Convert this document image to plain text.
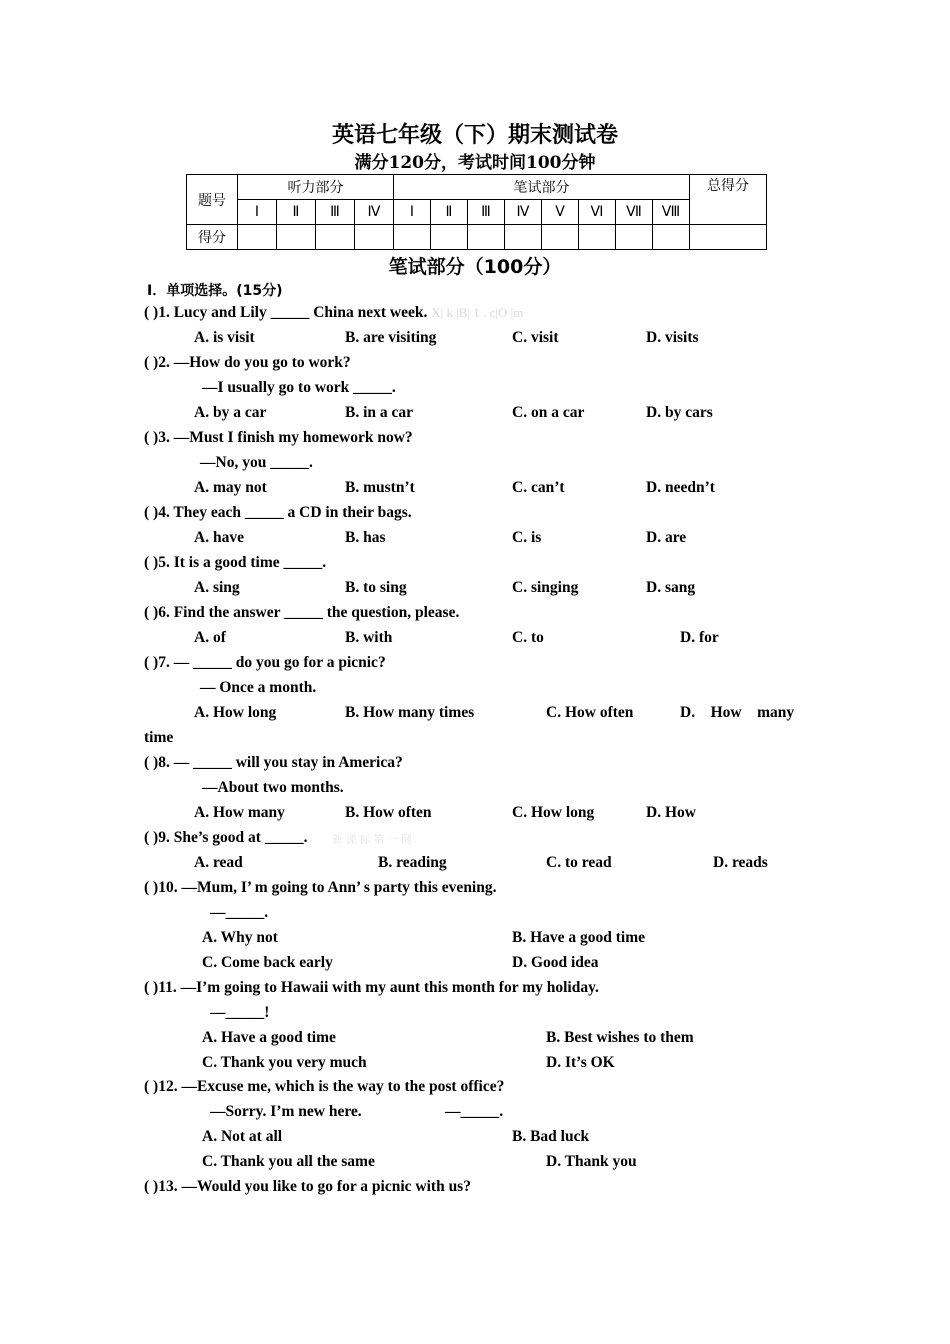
英语七年级（下）期末测试卷
满分120分，考试时间100分钟
题号	听力部分				笔试部分								总得分
	Ⅰ	Ⅱ	Ⅲ	Ⅳ	Ⅰ	Ⅱ	Ⅲ	Ⅳ	Ⅴ	Ⅵ	Ⅶ	Ⅷ	
得分													
笔试部分（100分）
Ⅰ．单项选择。(15分)
( )1. Lucy and Lily _____ China next week. X| k |B| 1 . c|O |m
A. is visit	B. are visiting	C. visit	D. visits
( )2. —How do you go to work?
—I usually go to work _____.
A. by a car	B. in a car	C. on a car	D. by cars
( )3. —Must I finish my homework now?
—No, you _____.
A. may not	B. mustn’t	C. can’t	D. needn’t
( )4. They each _____ a CD in their bags.
A. have	B. has	C. is	D. are
( )5. It is a good time _____.
A. sing	B. to sing	C. singing	D. sang
( )6. Find the answer _____ the question, please.
A. of	B. with	C. to	D. for
( )7. — _____ do you go for a picnic?
— Once a month.
A. How long	B. How many times	C. How often	D.    How    many
time
( )8. — _____ will you stay in America?
—About two months.
A. How many	B. How often	C. How long	D. How
( )9. She’s good at _____. 新 课 标 第 一 网
A. read	B. reading	C. to read	D. reads
( )10. —Mum, I’ m going to Ann’ s party this evening.
—_____.
A. Why not	B. Have a good time
C. Come back early	D. Good idea
( )11. —I’m going to Hawaii with my aunt this month for my holiday.
—_____!
A. Have a good time	B. Best wishes to them
C. Thank you very much	D. It’s OK
( )12. —Excuse me, which is the way to the post office?
—Sorry. I’m new here.	—_____.
A. Not at all	B. Bad luck
C. Thank you all the same	D. Thank you
( )13. —Would you like to go for a picnic with us?
